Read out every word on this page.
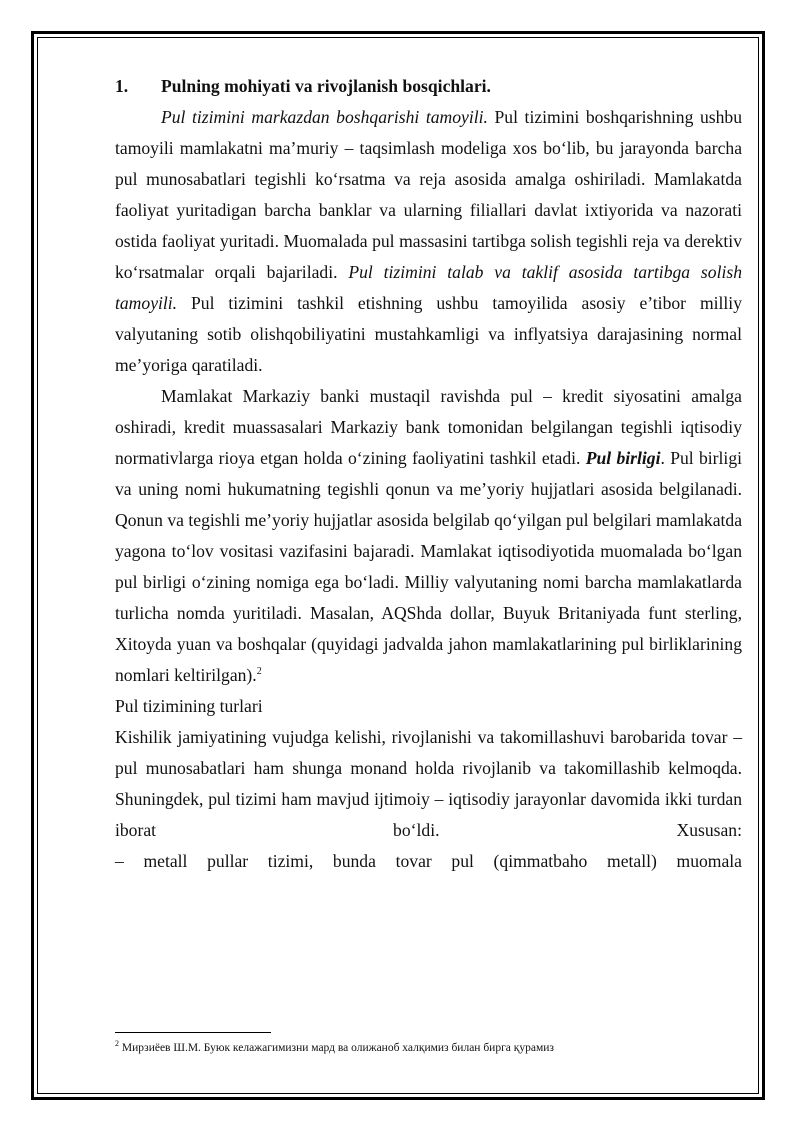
1.	Pulning mohiyati va rivojlanish bosqichlari.

Pul tizimini markazdan boshqarishi tamoyili. Pul tizimini boshqarishning ushbu tamoyili mamlakatni ma’muriy – taqsimlash modeliga xos bo‘lib, bu jarayonda barcha pul munosabatlari tegishli ko‘rsatma va reja asosida amalga oshiriladi. Mamlakatda faoliyat yuritadigan barcha banklar va ularning filiallari davlat ixtiyorida va nazorati ostida faoliyat yuritadi. Muomalada pul massasini tartibga solish tegishli reja va derektiv ko‘rsatmalar orqali bajariladi. Pul tizimini talab va taklif asosida tartibga solish tamoyili. Pul tizimini tashkil etishning ushbu tamoyilida asosiy e’tibor milliy valyutaning sotib olishqobiliyatini mustahkamligi va inflyatsiya darajasining normal me’yoriga qaratiladi.

Mamlakat Markaziy banki mustaqil ravishda pul – kredit siyosatini amalga oshiradi, kredit muassasalari Markaziy bank tomonidan belgilangan tegishli iqtisodiy normativlarga rioya etgan holda o‘zining faoliyatini tashkil etadi. Pul birligi. Pul birligi va uning nomi hukumatning tegishli qonun va me’yoriy hujjatlari asosida belgilanadi. Qonun va tegishli me’yoriy hujjatlar asosida belgilab qo‘yilgan pul belgilari mamlakatda yagona to‘lov vositasi vazifasini bajaradi. Mamlakat iqtisodiyotida muomalada bo‘lgan pul birligi o‘zining nomiga ega bo‘ladi. Milliy valyutaning nomi barcha mamlakatlarda turlicha nomda yuritiladi. Masalan, AQShda dollar, Buyuk Britaniyada funt sterling, Xitoyda yuan va boshqalar (quyidagi jadvalda jahon mamlakatlarining pul birliklarining nomlari keltirilgan).$^2$

Pul tizimining turlari

Kishilik jamiyatining vujudga kelishi, rivojlanishi va takomillashuvi barobarida tovar – pul munosabatlari ham shunga monand holda rivojlanib va takomillashib kelmoqda. Shuningdek, pul tizimi ham mavjud ijtimoiy – iqtisodiy jarayonlar davomida ikki turdan iborat bo‘ldi. Xususan:
– metall pullar tizimi, bunda tovar pul (qimmatbaho metall) muomala

$^2$ Мирзиёев Ш.М. Буюк келажагимизни мард ва олижаноб халқимиз билан бирга қурамиз
